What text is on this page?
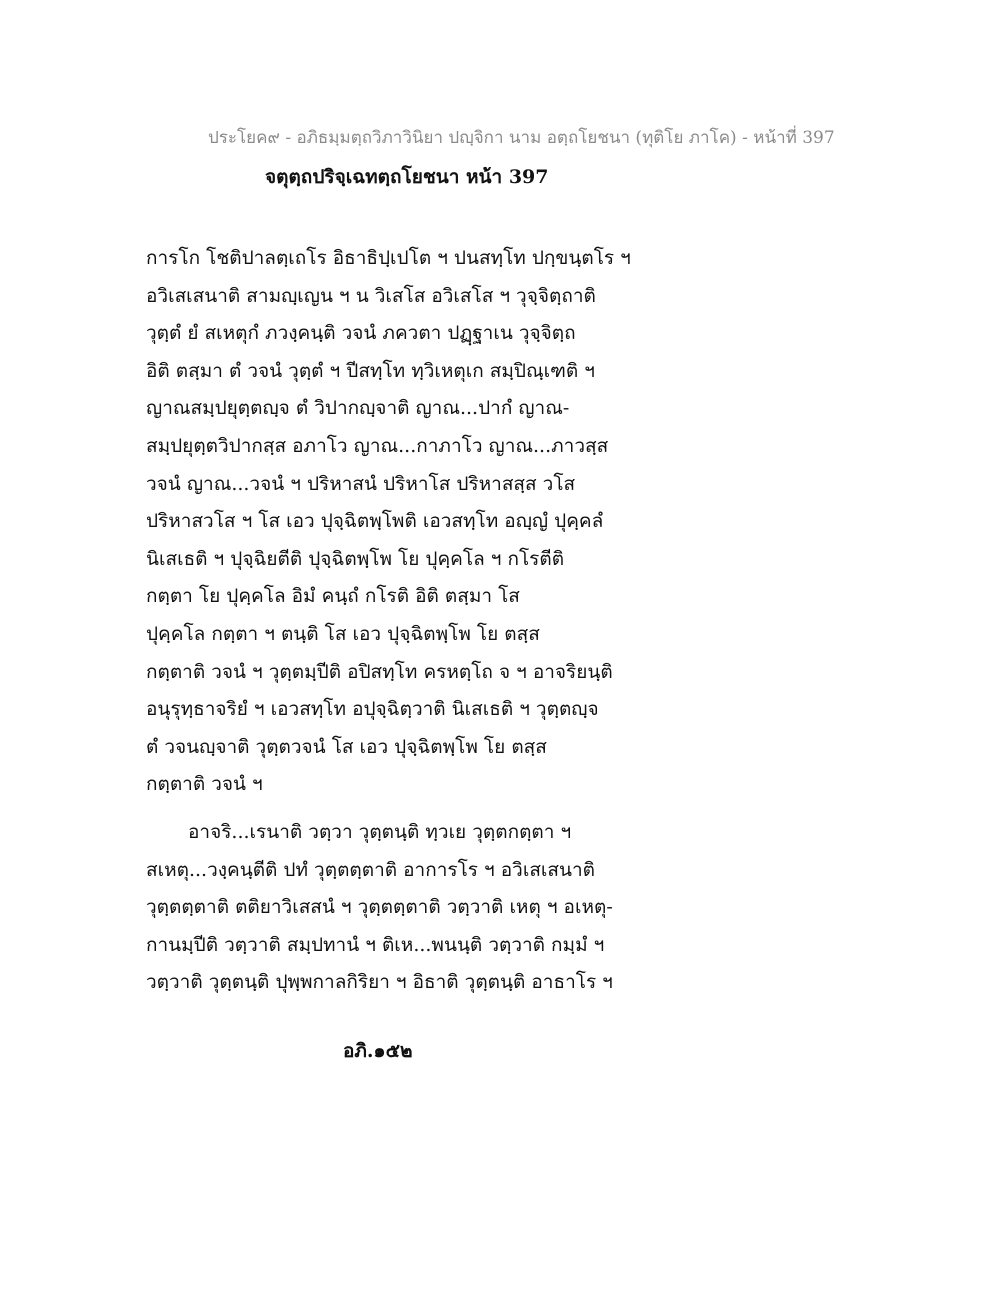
ประโยค๙ - อภิธมฺมตฺถวิภาวินิยา ปญฺจิกา นาม อตฺถโยชนา (ทุติโย ภาโค) - หน้าที่ 397
จตุตฺถปริจฺเฉทตฺถโยชนา หน้า 397
การโก โชติปาลตฺเถโร อิธาธิปฺเปโต ฯ ปนสทฺโท ปกฺขนฺตโร ฯ
อวิเสเสนาติ สามญฺเญน ฯ น วิเสโส อวิเสโส ฯ วุจฺจิตฺถาติ
วุตฺตํ ยํ สเหตุกํ ภวงฺคนฺติ วจนํ ภควตา ปฏฺฐาเน วุจฺจิตฺถ
อิติ ตสฺมา ตํ วจนํ วุตฺตํ ฯ ปีสทฺโท ทฺวิเหตุเก สมฺปิณฺเฑติ ฯ
ญาณสมฺปยุตฺตญฺจ ตํ วิปากญฺจาติ ญาณ...ปากํ ญาณ-
สมฺปยุตฺตวิปากสฺส อภาโว ญาณ...กาภาโว ญาณ...ภาวสฺส
วจนํ ญาณ...วจนํ ฯ ปริหาสนํ ปริหาโส ปริหาสสฺส วโส
ปริหาสวโส ฯ โส เอว ปุจฺฉิตพฺโพติ เอวสทฺโท อญฺญํ ปุคฺคลํ
นิเสเธติ ฯ ปุจฺฉิยตีติ ปุจฺฉิตพฺโพ โย ปุคฺคโล ฯ กโรตีติ
กตฺตา โย ปุคฺคโล อิมํ คนฺถํ กโรติ อิติ ตสฺมา โส
ปุคฺคโล กตฺตา ฯ ตนฺติ โส เอว ปุจฺฉิตพฺโพ โย ตสฺส
กตฺตาติ วจนํ ฯ วุตฺตมฺปีติ อปิสทฺโท ครหตฺโถ จ ฯ อาจริยนฺติ
อนุรุทฺธาจริยํ ฯ เอวสทฺโท อปุจฺฉิตฺวาติ นิเสเธติ ฯ วุตฺตญฺจ
ตํ วจนญฺจาติ วุตฺตวจนํ โส เอว ปุจฺฉิตพฺโพ โย ตสฺส
กตฺตาติ วจนํ ฯ
อาจริ...เรนาติ วตฺวา วุตฺตนฺติ ทฺวเย วุตฺตกตฺตา ฯ
สเหตุ...วงฺคนฺตีติ ปทํ วุตฺตตฺตาติ อาการโร ฯ อวิเสเสนาติ
วุตฺตตฺตาติ ตติยาวิเสสนํ ฯ วุตฺตตฺตาติ วตฺวาติ เหตุ ฯ อเหตุ-
กานมฺปีติ วตฺวาติ สมฺปทานํ ฯ ติเห...พนนฺติ วตฺวาติ กมฺมํ ฯ
วตฺวาติ วุตฺตนฺติ ปุพฺพกาลกิริยา ฯ อิธาติ วุตฺตนฺติ อาธาโร ฯ
อภิ.๑๕๒
